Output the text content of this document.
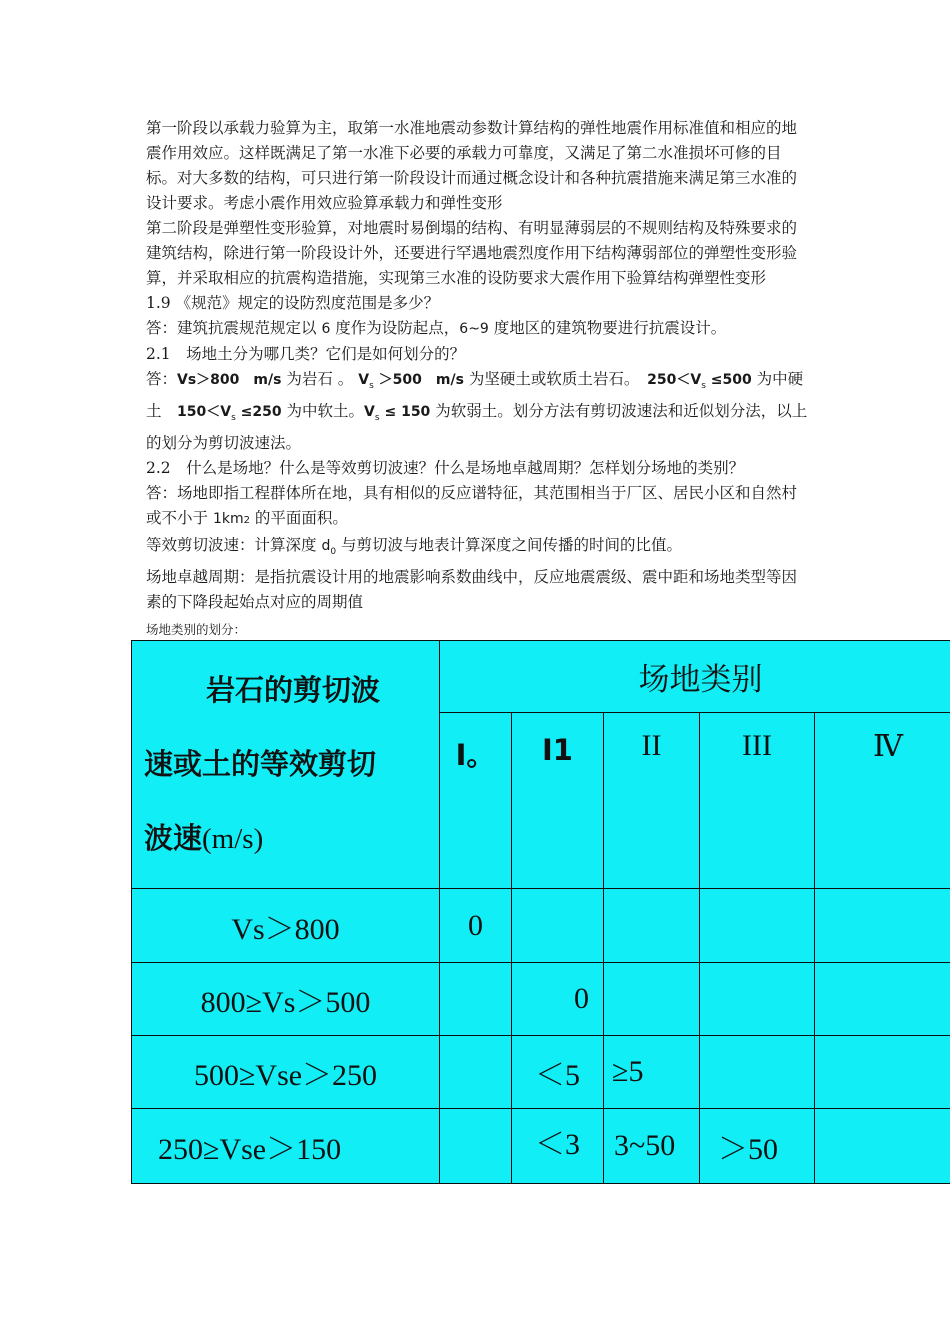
第一阶段以承载力验算为主，取第一水准地震动参数计算结构的弹性地震作用标准值和相应的地震作用效应。这样既满足了第一水准下必要的承载力可靠度，又满足了第二水准损坏可修的目标。对大多数的结构，可只进行第一阶段设计而通过概念设计和各种抗震措施来满足第三水准的设计要求。考虑小震作用效应验算承载力和弹性变形

第二阶段是弹塑性变形验算，对地震时易倒塌的结构、有明显薄弱层的不规则结构及特殊要求的建筑结构，除进行第一阶段设计外，还要进行罕遇地震烈度作用下结构薄弱部位的弹塑性变形验算，并采取相应的抗震构造措施，实现第三水准的设防要求大震作用下验算结构弹塑性变形

1.9 《规范》规定的设防烈度范围是多少？

答：建筑抗震规范规定以 6 度作为设防起点，6~9 度地区的建筑物要进行抗震设计。

2.1　场地土分为哪几类？它们是如何划分的？

答：Vs＞800　m/s 为岩石 。 $V_s >500$　m/s 为坚硬土或软质土岩石。　$250<V_s \le 500$ 为中硬土　$150<V_s \le 250$ 为中软土。$V_s \le 150$ 为软弱土。划分方法有剪切波速法和近似划分法，以上的划分为剪切波速法。

2.2　什么是场地？什么是等效剪切波速？什么是场地卓越周期？怎样划分场地的类别？

答：场地即指工程群体所在地，具有相似的反应谱特征，其范围相当于厂区、居民小区和自然村或不小于 1km2 的平面面积。

等效剪切波速：计算深度 $d_0$ 与剪切波与地表计算深度之间传播的时间的比值。

场地卓越周期：是指抗震设计用的地震影响系数曲线中，反应地震震级、震中距和场地类型等因素的下降段起始点对应的周期值

场地类别的划分：
岩石的剪切波
速或土的等效剪切
波速(m/s)	场地类别				
	I。	I1	II	III	Ⅳ
Vs＞800	0				
800≥Vs＞500		0			
500≥Vse＞250		＜5	≥5		
250≥Vse＞150		＜3	3~50	＞50	
